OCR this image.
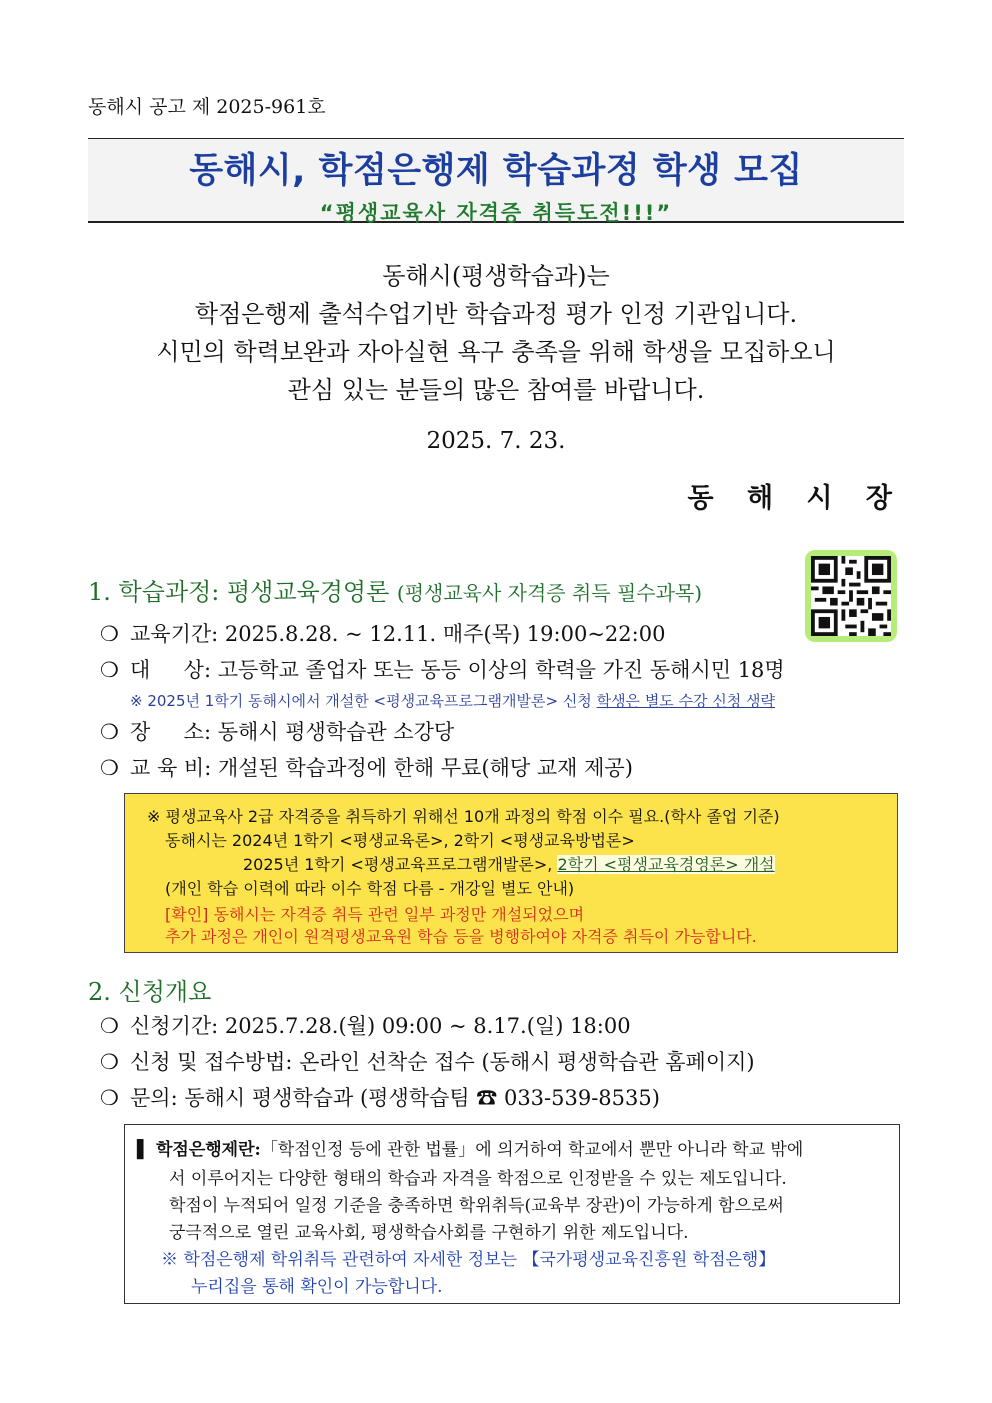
동해시 공고 제 2025-961호
동해시, 학점은행제 학습과정 학생 모집
“평생교육사 자격증 취득도전!!!”
동해시(평생학습과)는
학점은행제 출석수업기반 학습과정 평가 인정 기관입니다.
시민의 학력보완과 자아실현 욕구 충족을 위해 학생을 모집하오니
관심 있는 분들의 많은 참여를 바랍니다.
2025. 7. 23.
동 해 시 장
1. 학습과정: 평생교육경영론 (평생교육사 자격증 취득 필수과목)
❍ 교육기간: 2025.8.28. ~ 12.11. 매주(목) 19:00~22:00
❍ 대     상: 고등학교 졸업자 또는 동등 이상의 학력을 가진 동해시민 18명
※ 2025년 1학기 동해시에서 개설한 <평생교육프로그램개발론> 신청 학생은 별도 수강 신청 생략
❍ 장     소: 동해시 평생학습관 소강당
❍ 교 육 비: 개설된 학습과정에 한해 무료(해당 교재 제공)
※ 평생교육사 2급 자격증을 취득하기 위해선 10개 과정의 학점 이수 필요.(학사 졸업 기준)
동해시는 2024년 1학기 <평생교육론>, 2학기 <평생교육방법론>
2025년 1학기 <평생교육프로그램개발론>, 2학기 <평생교육경영론> 개설
(개인 학습 이력에 따라 이수 학점 다름 - 개강일 별도 안내)
[확인] 동해시는 자격증 취득 관련 일부 과정만 개설되었으며
추가 과정은 개인이 원격평생교육원 학습 등을 병행하여야 자격증 취득이 가능합니다.
2. 신청개요
❍ 신청기간: 2025.7.28.(월) 09:00 ~ 8.17.(일) 18:00
❍ 신청 및 접수방법: 온라인 선착순 접수 (동해시 평생학습관 홈페이지)
❍ 문의: 동해시 평생학습과 (평생학습팀 ☎ 033-539-8535)
▌ 학점은행제란:「학점인정 등에 관한 법률」에 의거하여 학교에서 뿐만 아니라 학교 밖에
서 이루어지는 다양한 형태의 학습과 자격을 학점으로 인정받을 수 있는 제도입니다.
학점이 누적되어 일정 기준을 충족하면 학위취득(교육부 장관)이 가능하게 함으로써
궁극적으로 열린 교육사회, 평생학습사회를 구현하기 위한 제도입니다.
※ 학점은행제 학위취득 관련하여 자세한 정보는 【국가평생교육진흥원 학점은행】
누리집을 통해 확인이 가능합니다.
